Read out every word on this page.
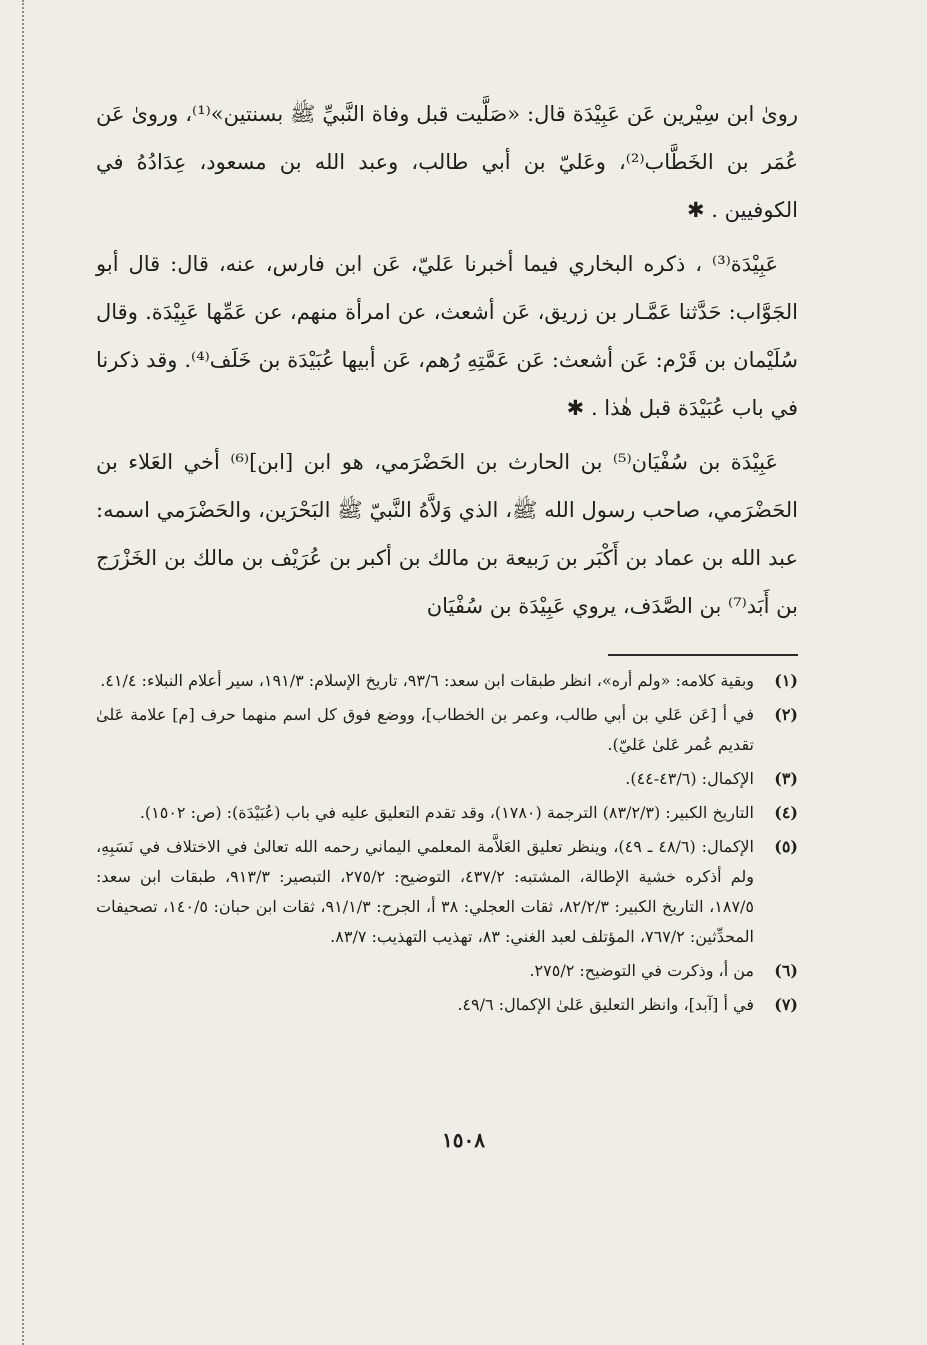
روىٰ ابن سِيْرين عَن عَبِيْدَة قال: «صَلَّيت قبل وفاة النَّبيِّ ﷺ بسنتين»⁽¹⁾، وروىٰ عَن عُمَر بن الخَطَّاب⁽²⁾، وعَليّ بن أبي طالب، وعبد الله بن مسعود، عِدَادُهُ في الكوفيين . ✱

عَبِيْدَة⁽³⁾ ، ذكره البخاري فيما أخبرنا عَليّ، عَن ابن فارس، عنه، قال: قال أبو الجَوَّاب: حَدَّثنا عَمَّـار بن زريق، عَن أشعث، عن امرأة منهم، عن عَمِّها عَبِيْدَة. وقال سُلَيْمان بن قَرْم: عَن أشعث: عَن عَمَّتِهِ رُهم، عَن أبيها عُبَيْدَة بن خَلَف⁽⁴⁾. وقد ذكرنا في باب عُبَيْدَة قبل هٰذا . ✱

عَبِيْدَة بن سُفْيَان⁽⁵⁾ بن الحارث بن الحَضْرَمي، هو ابن [ابن]⁽⁶⁾ أخي العَلاء بن الحَضْرَمي، صاحب رسول الله ﷺ، الذي وَلاَّهُ النَّبيّ ﷺ البَحْرَين، والحَضْرَمي اسمه: عبد الله بن عماد بن أَكْبَر بن رَبيعة بن مالك بن أكبر بن عُرَيْف بن مالك بن الخَزْرَج بن أَبَد⁽⁷⁾ بن الصَّدَف، يروي عَبِيْدَة بن سُفْيَان

(١)
وبقية كلامه: «ولم أره»، انظر طبقات ابن سعد: ٩٣/٦، تاريخ الإسلام: ١٩١/٣، سير أعلام النبلاء: ٤١/٤.
(٢)
في أ [عَن عَلي بن أبي طالب، وعمر بن الخطاب]، ووضع فوق كل اسم منهما حرف [م] علامة عَلىٰ تقديم عُمر عَلىٰ عَليّ).
(٣)
الإكمال: (٤٣/٦-٤٤).
(٤)
التاريخ الكبير: (٨٣/٢/٣) الترجمة (١٧٨٠)، وقد تقدم التعليق عليه في باب (عُبَيْدَة): (ص: ١٥٠٢).
(٥)
الإكمال: (٤٨/٦ ـ ٤٩)، وينظر تعليق العَلاَّمة المعلمي اليماني رحمه الله تعالىٰ في الاختلاف في نَسَبِهِ، ولم أذكره خشية الإطالة، المشتبه: ٤٣٧/٢، التوضيح: ٢٧٥/٢، التبصير: ٩١٣/٣، طبقات ابن سعد: ١٨٧/٥، التاريخ الكبير: ٨٢/٢/٣، ثقات العجلي: ٣٨ أ، الجرح: ٩١/١/٣، ثقات ابن حبان: ١٤٠/٥، تصحيفات المحدِّثين: ٧٦٧/٢، المؤتلف لعبد الغني: ٨٣، تهذيب التهذيب: ٨٣/٧.
(٦)
من أ، وذكرت في التوضيح: ٢٧٥/٢.
(٧)
في أ [آبد]، وانظر التعليق عَلىٰ الإكمال: ٤٩/٦.
١٥٠٨
